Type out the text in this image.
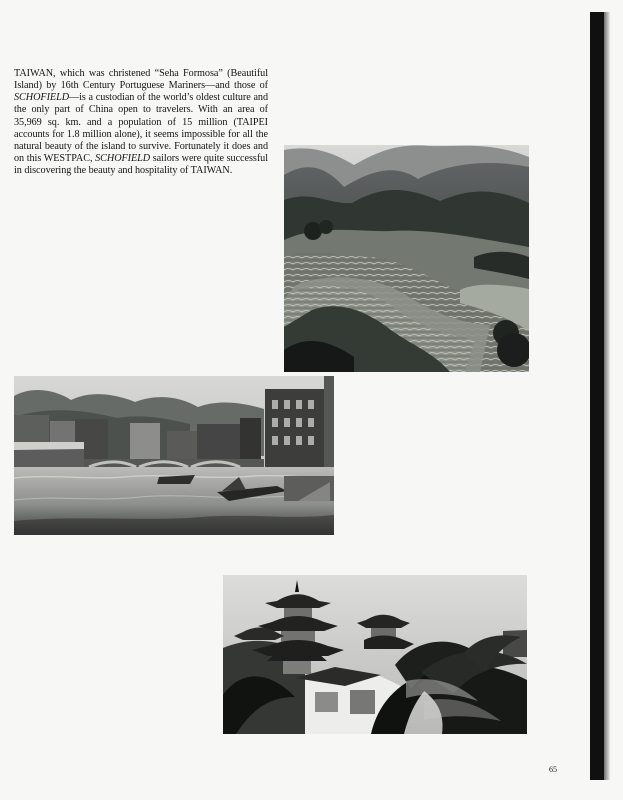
TAIWAN, which was christened “Seha Formosa” (Beautiful Island) by 16th Century Portuguese Mariners—and those of SCHOFIELD—is a custodian of the world’s oldest culture and the only part of China open to travelers. With an area of 35,969 sq. km. and a population of 15 million (TAIPEI accounts for 1.8 million alone), it seems impossible for all the natural beauty of the island to survive. Fortunately it does and on this WESTPAC, SCHOFIELD sailors were quite successful in discovering the beauty and hospitality of TAIWAN.

65
